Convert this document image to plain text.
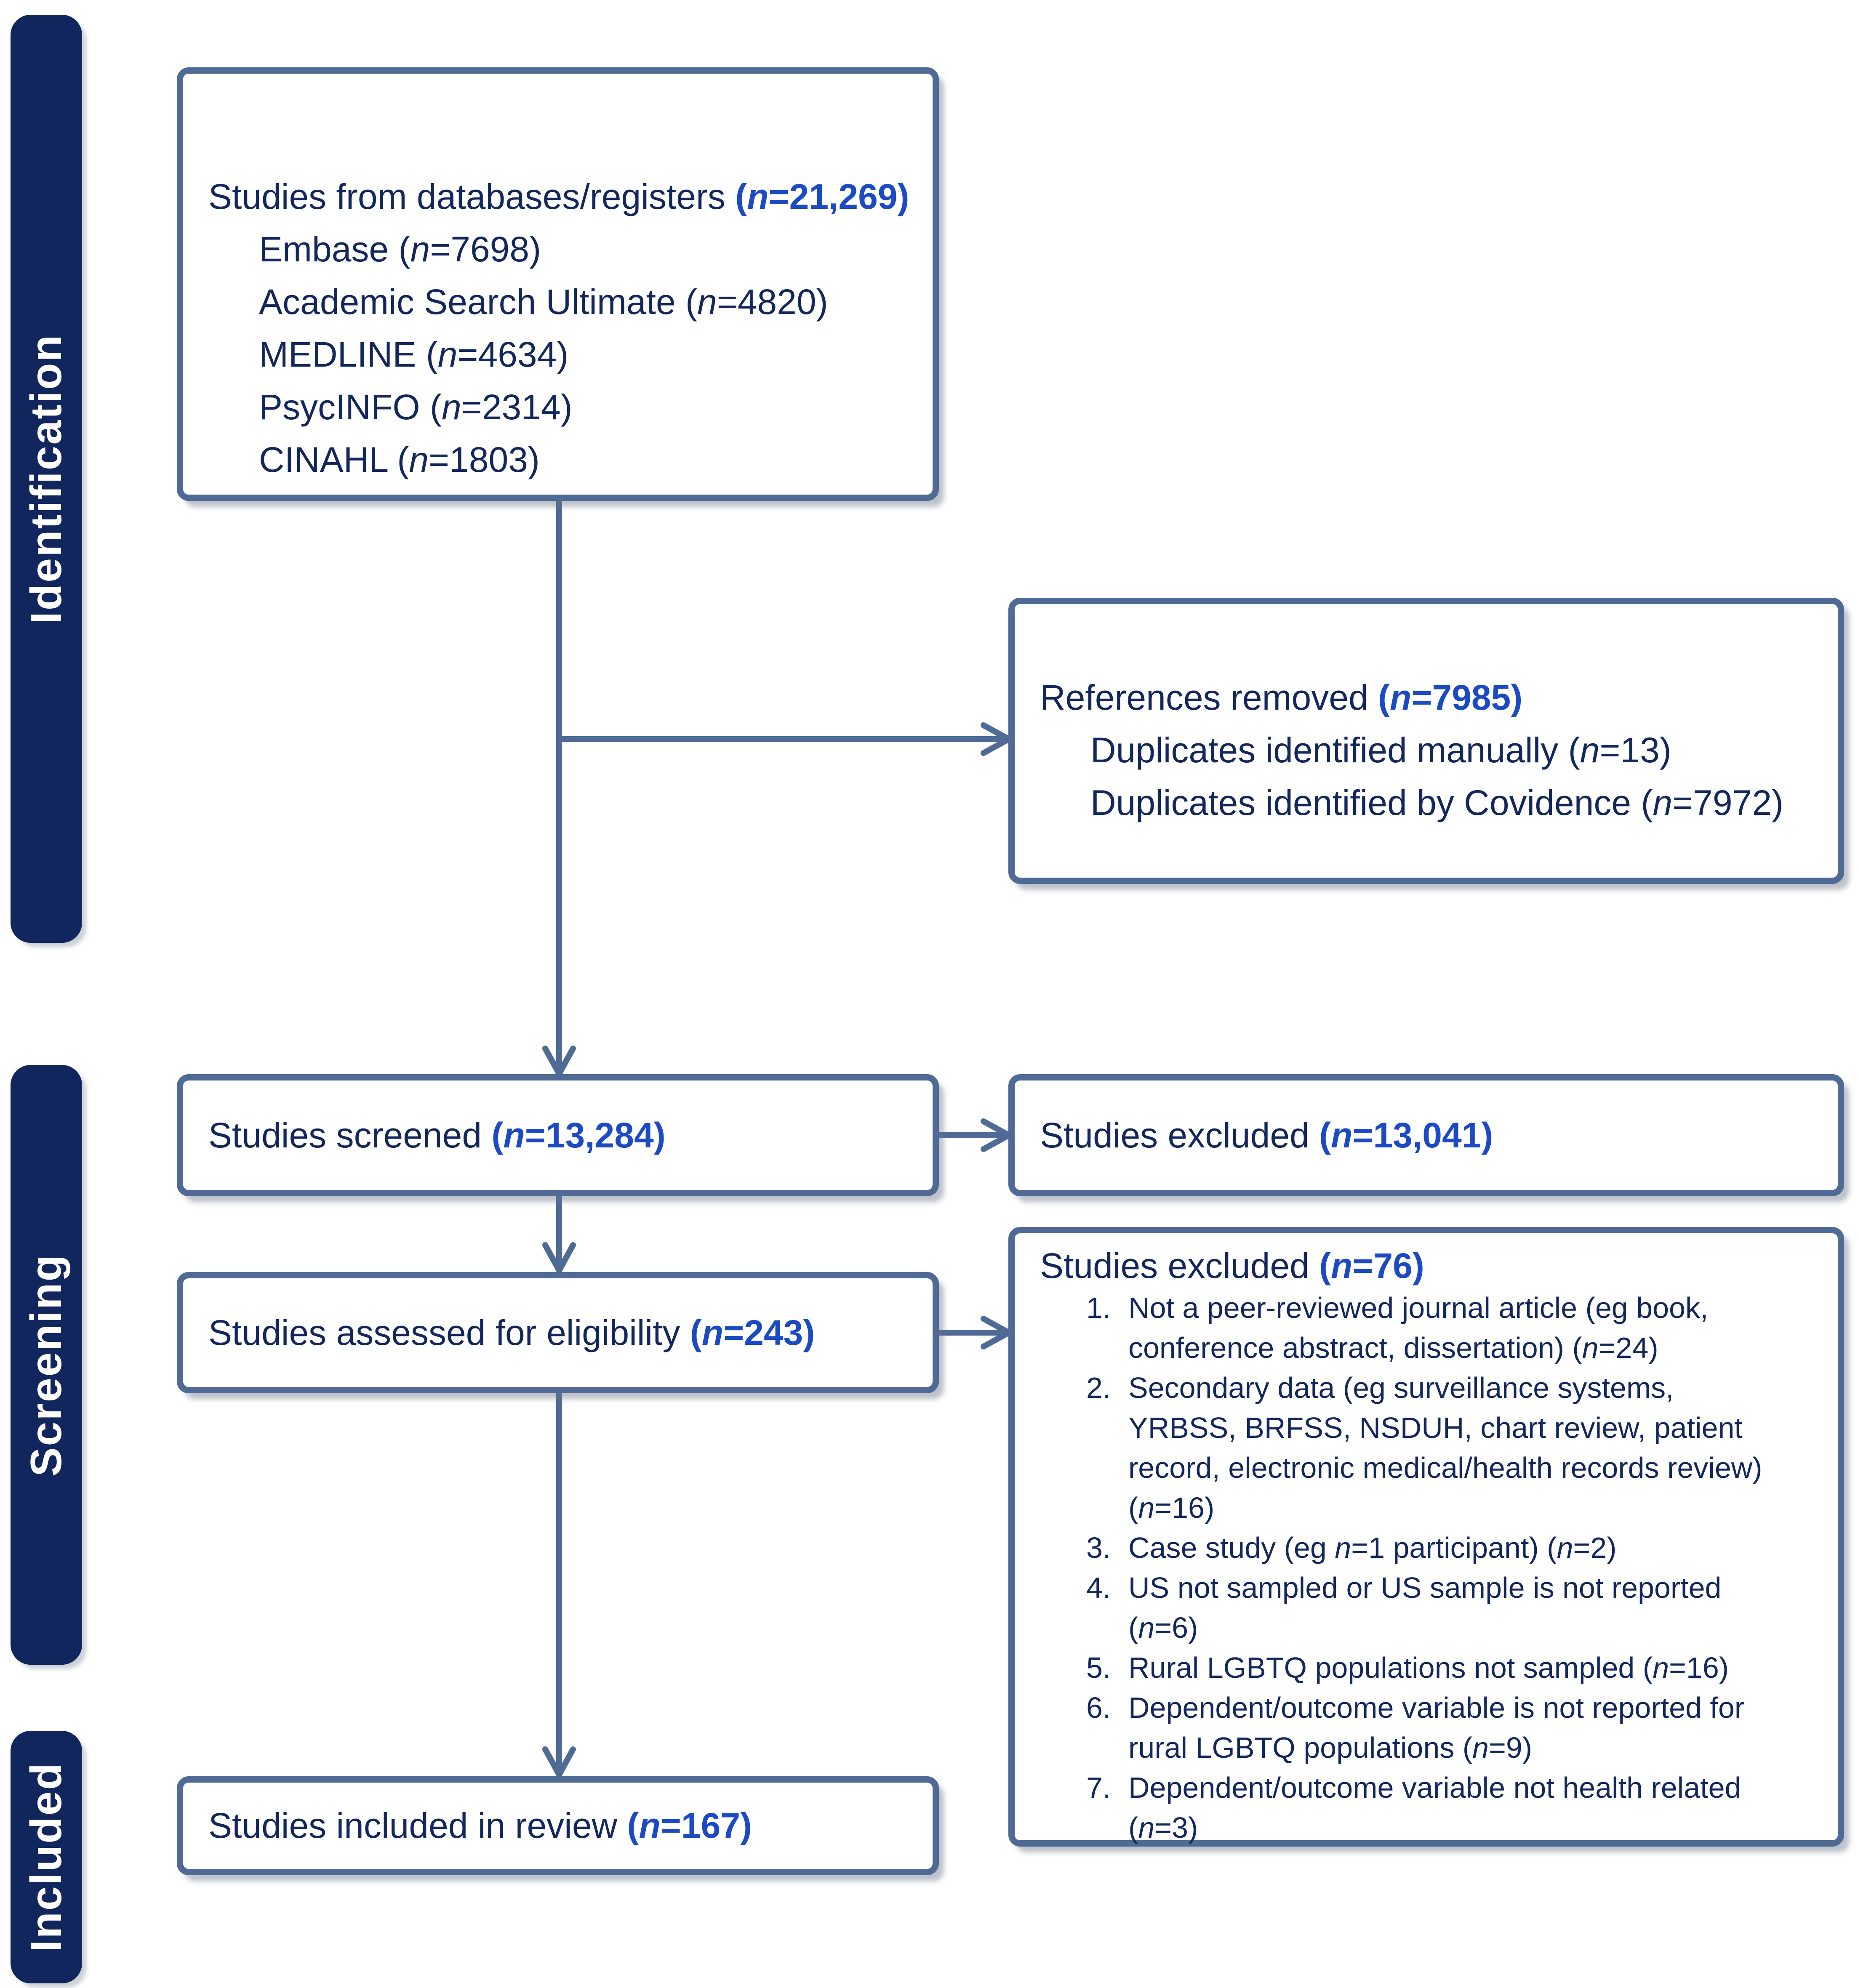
Identification
Screening
Included
Studies from databases/registers (n=21,269)
Embase (n=7698)
Academic Search Ultimate (n=4820)
MEDLINE (n=4634)
PsycINFO (n=2314)
CINAHL (n=1803)
References removed (n=7985)
Duplicates identified manually (n=13)
Duplicates identified by Covidence (n=7972)
Studies screened (n=13,284)	Studies excluded (n=13,041)
Studies assessed for eligibility (n=243)
Studies excluded (n=76)
1. Not a peer-reviewed journal article (eg book,
conference abstract, dissertation) (n=24)
2. Secondary data (eg surveillance systems,
YRBSS, BRFSS, NSDUH, chart review, patient
record, electronic medical/health records review)
(n=16)
3. Case study (eg n=1 participant) (n=2)
4. US not sampled or US sample is not reported
(n=6)
5. Rural LGBTQ populations not sampled (n=16)
6. Dependent/outcome variable is not reported for
rural LGBTQ populations (n=9)
7. Dependent/outcome variable not health related
(n=3)
Studies included in review (n=167)
